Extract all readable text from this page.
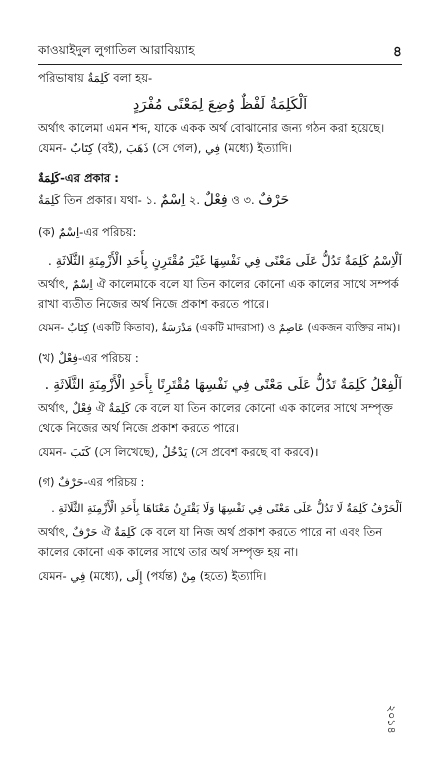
কাওয়াইদুল লুগাতিল আরাবিয়্যাহ	৪

পরিভাষায় كَلِمَةٌ বলা হয়-

اَلْكَلِمَةُ لَفْظٌ وُضِعَ لِمَعْنًى مُفْرَدٍ

অর্থাৎ কালেমা এমন শব্দ, যাকে একক অর্থ বোঝানোর জন্য গঠন করা হয়েছে।

যেমন- كِتَابٌ (বই), ذَهَبَ (সে গেল), فِي (মধ্যে) ইত্যাদি।

كَلِمَةٌ-এর প্রকার :

كَلِمَةٌ তিন প্রকার। যথা- ১. اِسْمٌ ২. فِعْلٌ ও ৩. حَرْفٌ

(ক) اِسْمٌ-এর পরিচয়:

اَلْاِسْمُ كَلِمَةٌ تَدُلُّ عَلَى مَعْنًى فِي نَفْسِهَا غَيْرَ مُقْتَرِنٍ بِأَحَدِ الْأَزْمِنَةِ الثَّلَاثَةِ .

অর্থাৎ, اِسْمٌ ঐ কালেমাকে বলে যা তিন কালের কোনো এক কালের সাথে সম্পর্ক রাখা ব্যতীত নিজের অর্থ নিজে প্রকাশ করতে পারে।

যেমন- كِتَابٌ (একটি কিতাব), مَدْرَسَةٌ (একটি মাদরাসা) ও عَاصِمٌ (একজন ব্যক্তির নাম)।

(খ) فِعْلٌ-এর পরিচয় :

اَلْفِعْلُ كَلِمَةٌ تَدُلُّ عَلَى مَعْنًى فِي نَفْسِهَا مُقْتَرِنًا بِأَحَدِ الْأَزْمِنَةِ الثَّلَاثَةِ .

অর্থাৎ, فِعْلٌ ঐ كَلِمَةٌ কে বলে যা তিন কালের কোনো এক কালের সাথে সম্পৃক্ত থেকে নিজের অর্থ নিজে প্রকাশ করতে পারে।

যেমন- كَتَبَ (সে লিখেছে), يَدْخُلُ (সে প্রবেশ করছে বা করবে)।

(গ) حَرْفٌ-এর পরিচয় :

اَلْحَرْفُ كَلِمَةٌ لَا تَدُلُّ عَلَى مَعْنًى فِي نَفْسِهَا وَلَا يَقْتَرِنُ مَعْنَاهَا بِأَحَدِ الْأَزْمِنَةِ الثَّلَاثَةِ .

অর্থাৎ, حَرْفٌ ঐ كَلِمَةٌ কে বলে যা নিজ অর্থ প্রকাশ করতে পারে না এবং তিন কালের কোনো এক কালের সাথে তার অর্থ সম্পৃক্ত হয় না।

যেমন- فِي (মধ্যে), إِلَى (পর্যন্ত) مِنْ (হতে) ইত্যাদি।

২০১৪
